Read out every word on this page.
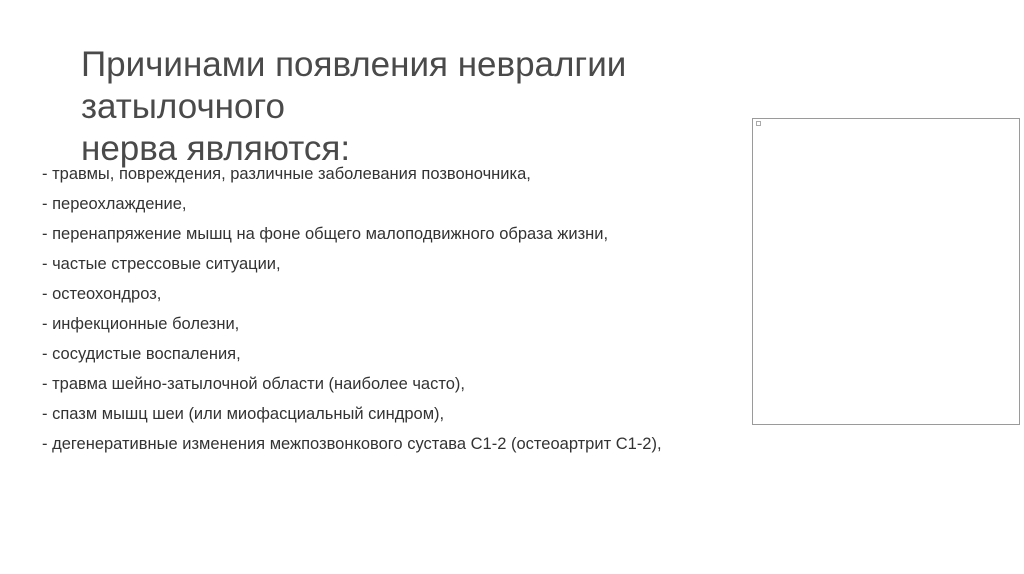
Причинами появления невралгии затылочного
нерва являются:
- травмы, повреждения, различные заболевания позвоночника,
- переохлаждение,
- перенапряжение мышц на фоне общего малоподвижного образа жизни,
- частые стрессовые ситуации,
- остеохондроз,
- инфекционные болезни,
- сосудистые воспаления,
- травма шейно-затылочной области (наиболее часто),
- спазм мышц шеи (или миофасциальный синдром),
- дегенеративные изменения межпозвонкового сустава С1-2 (остеоартрит С1-2),
